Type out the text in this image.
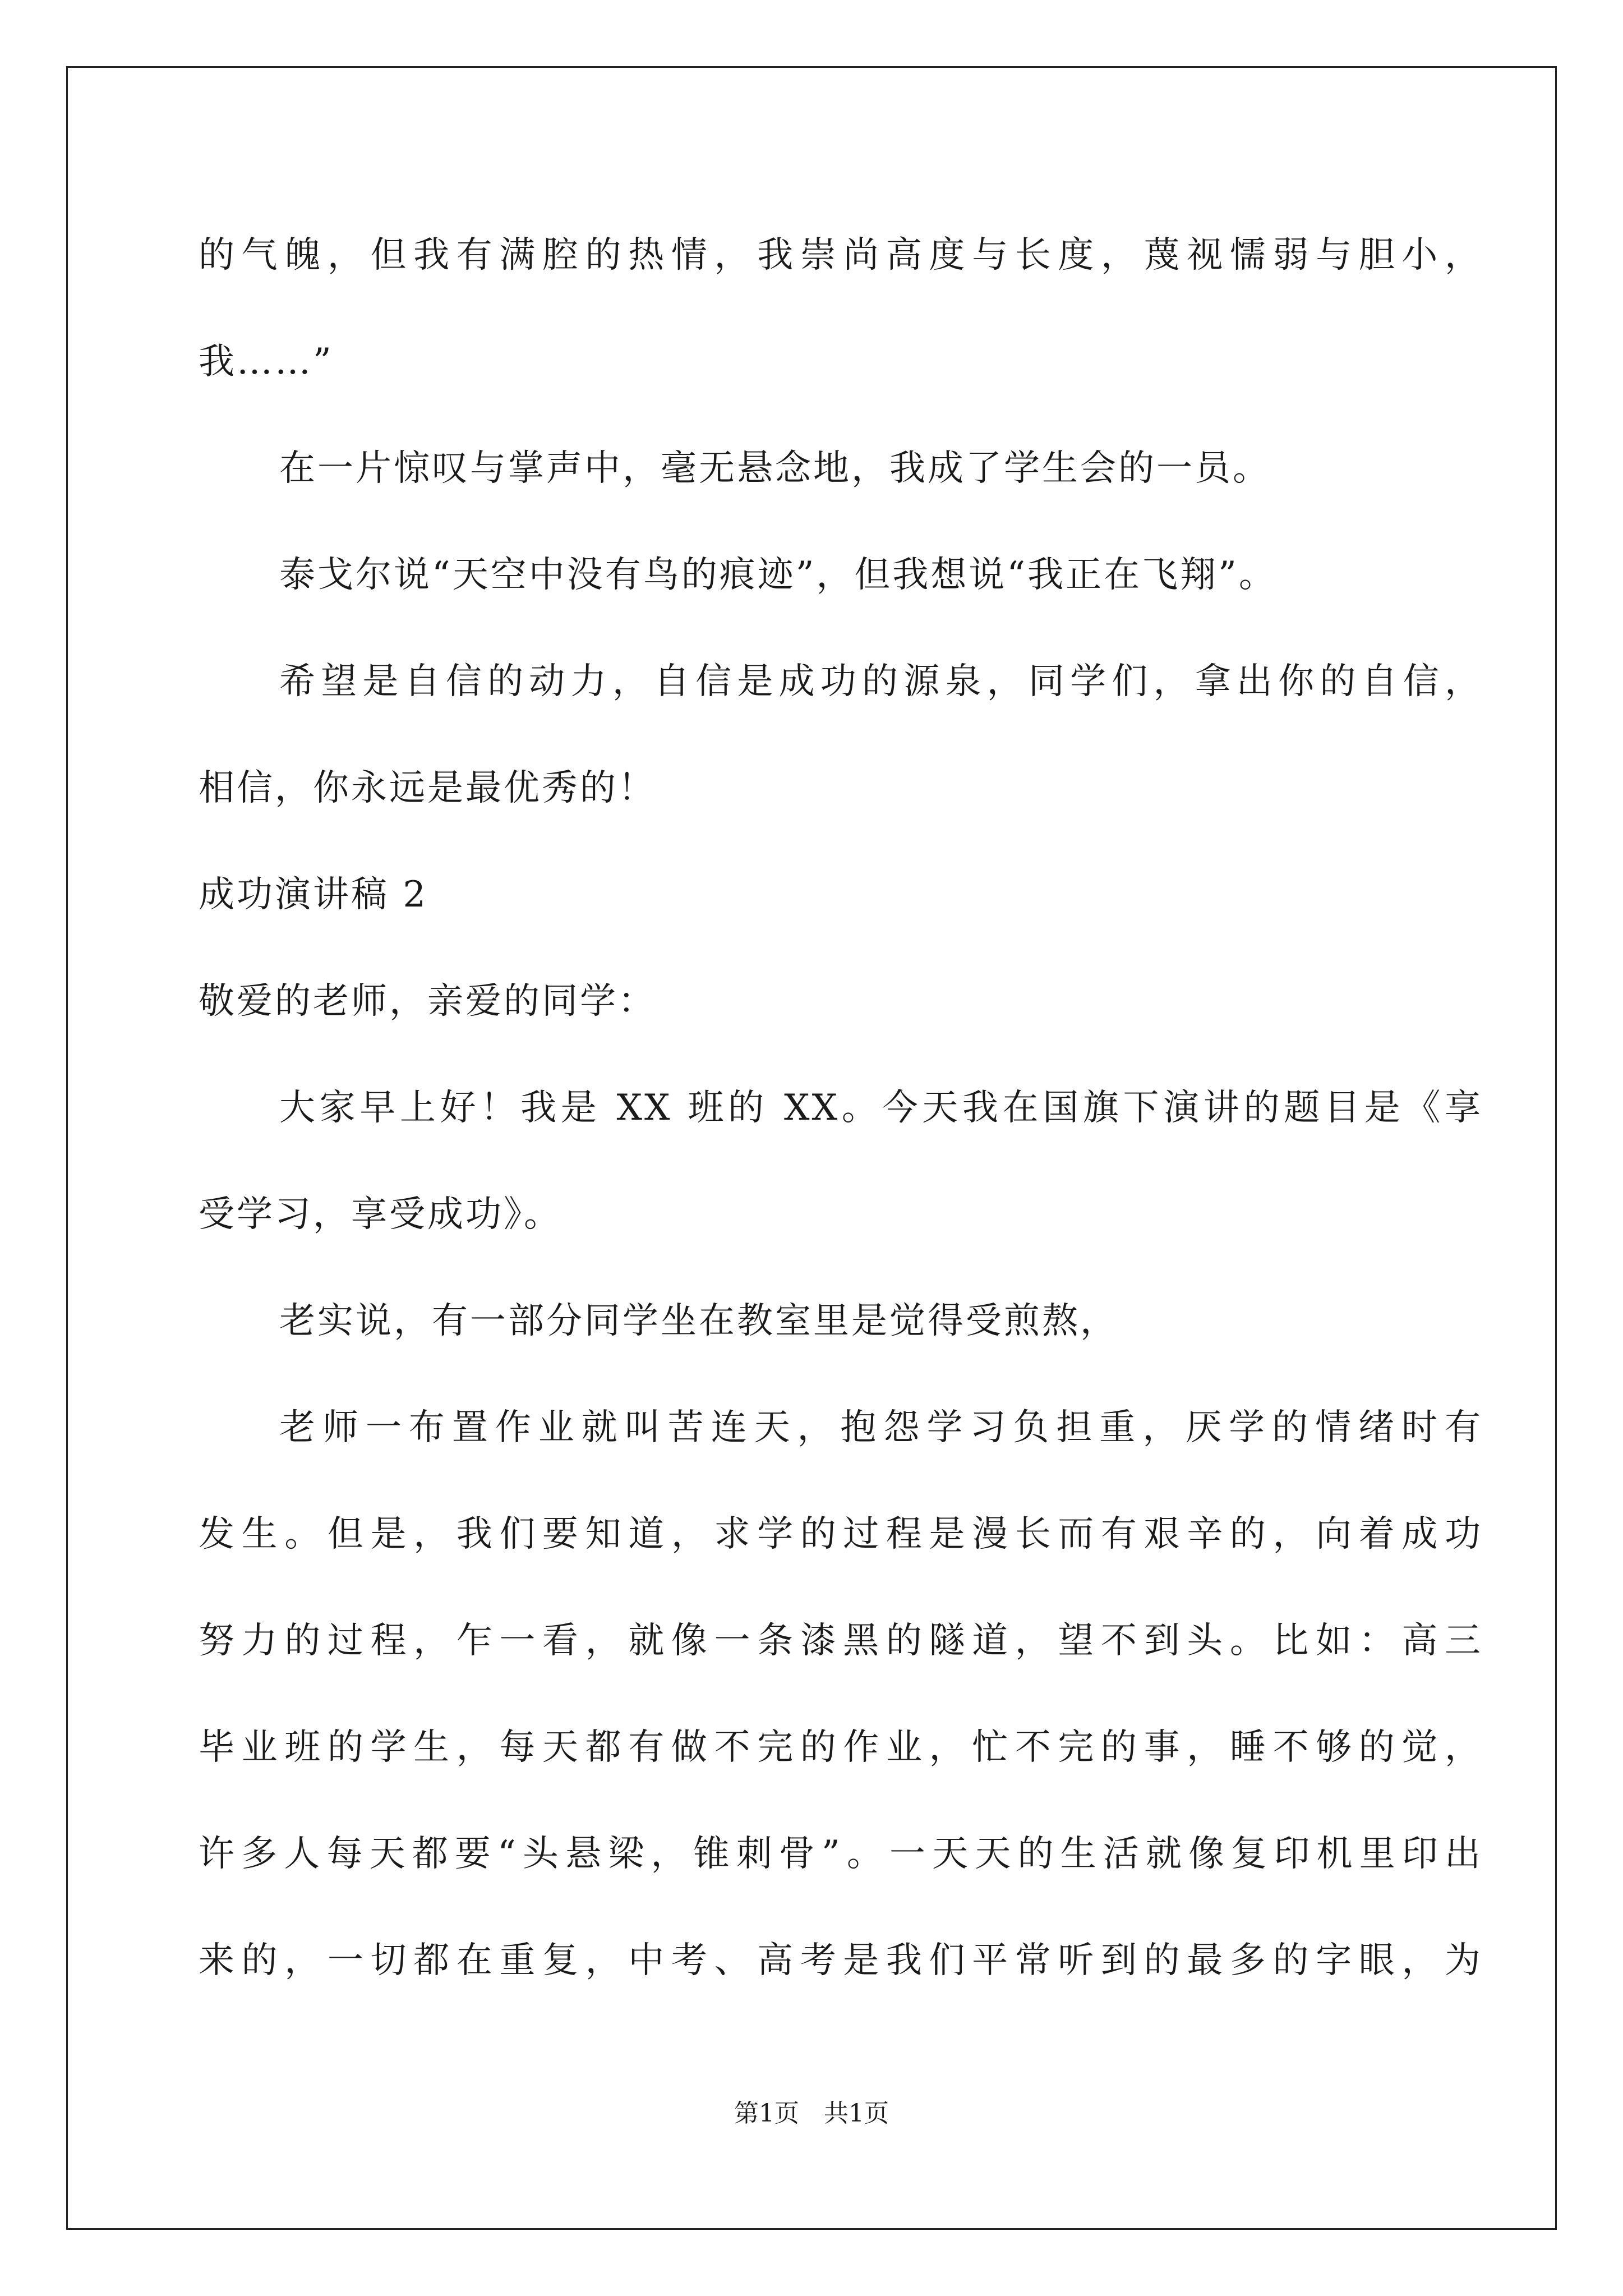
的气魄，但我有满腔的热情，我崇尚高度与长度，蔑视懦弱与胆小，
我……”
在一片惊叹与掌声中，毫无悬念地，我成了学生会的一员。
泰戈尔说“天空中没有鸟的痕迹”，但我想说“我正在飞翔”。
希望是自信的动力，自信是成功的源泉，同学们，拿出你的自信，
相信，你永远是最优秀的！
成功演讲稿 2
敬爱的老师，亲爱的同学：
大家早上好！我是 XX 班的 XX。今天我在国旗下演讲的题目是《享
受学习，享受成功》。
老实说，有一部分同学坐在教室里是觉得受煎熬，
老师一布置作业就叫苦连天，抱怨学习负担重，厌学的情绪时有
发生。但是，我们要知道，求学的过程是漫长而有艰辛的，向着成功
努力的过程，乍一看，就像一条漆黑的隧道，望不到头。比如：高三
毕业班的学生，每天都有做不完的作业，忙不完的事，睡不够的觉，
许多人每天都要“头悬梁，锥刺骨”。一天天的生活就像复印机里印出
来的，一切都在重复，中考、高考是我们平常听到的最多的字眼，为
第1页　共1页
